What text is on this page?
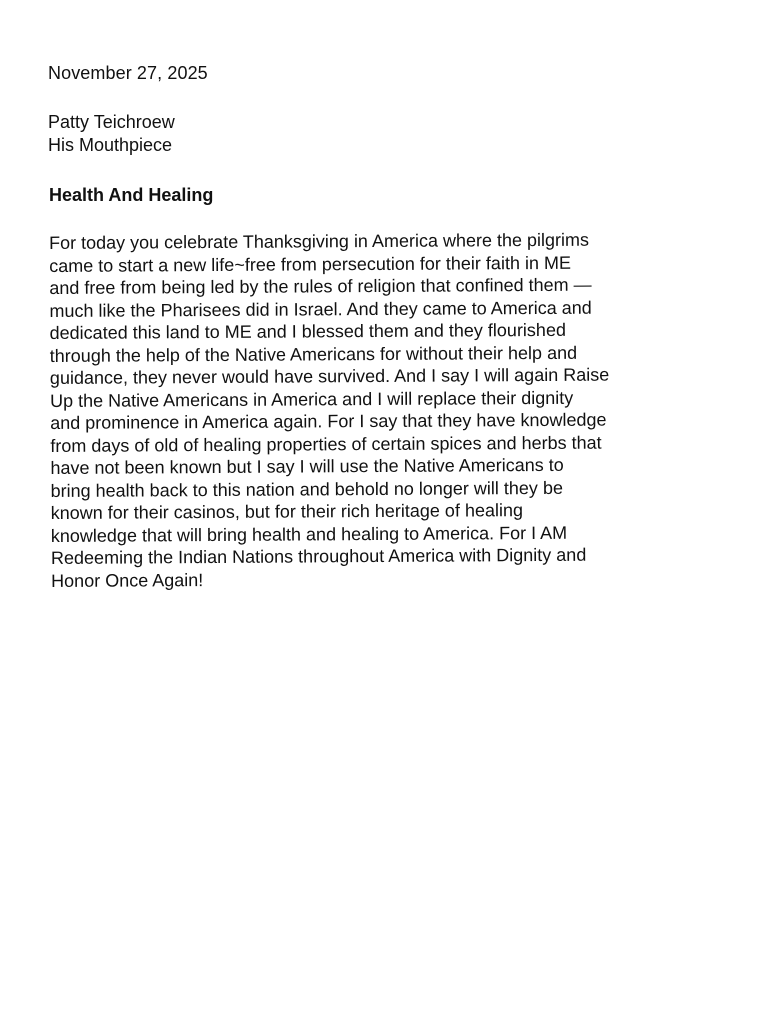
November 27, 2025
Patty Teichroew
His Mouthpiece
Health And Healing
For today you celebrate Thanksgiving in America where the pilgrims
came to start a new life~free from persecution for their faith in ME
and free from being led by the rules of religion that confined them —
much like the Pharisees did in Israel. And they came to America and
dedicated this land to ME and I blessed them and they flourished
through the help of the Native Americans for without their help and
guidance, they never would have survived. And I say I will again Raise
Up the Native Americans in America and I will replace their dignity
and prominence in America again. For I say that they have knowledge
from days of old of healing properties of certain spices and herbs that
have not been known but I say I will use the Native Americans to
bring health back to this nation and behold no longer will they be
known for their casinos, but for their rich heritage of healing
knowledge that will bring health and healing to America. For I AM
Redeeming the Indian Nations throughout America with Dignity and
Honor Once Again!
